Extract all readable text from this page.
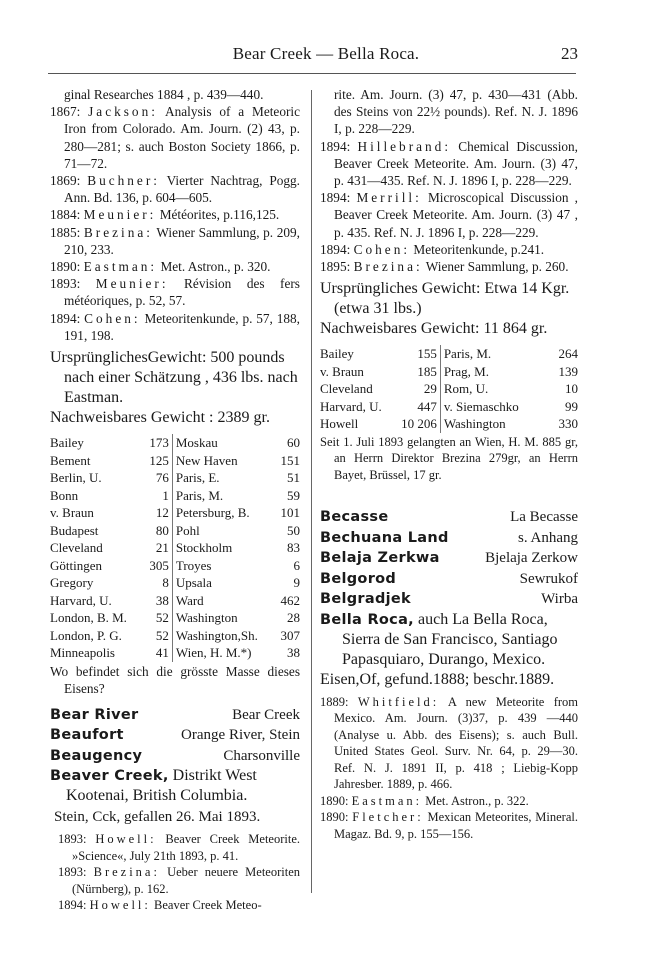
Bear Creek — Bella Roca.	23

ginal Researches 1884 , p. 439—440.

1867: Jackson: Analysis of a Meteoric Iron from Colorado. Am. Journ. (2) 43, p. 280—281; s. auch Boston Society 1866, p. 71—72.

1869: Buchner: Vierter Nachtrag, Pogg. Ann. Bd. 136, p. 604—605.

1884: Meunier: Météorites, p.116,125.

1885: Brezina: Wiener Sammlung, p. 209, 210, 233.

1890: Eastman: Met. Astron., p. 320.

1893: Meunier: Révision des fers météoriques, p. 52, 57.

1894: Cohen: Meteoritenkunde, p. 57, 188, 191, 198.

UrsprünglichesGewicht: 500 pounds nach einer Schätzung , 436 lbs. nach Eastman.

Nachweisbares Gewicht : 2389 gr.

Bailey	173	Moskau	60
Bement	125	New Haven	151
Berlin, U.	76	Paris, E.	51
Bonn	1	Paris, M.	59
v. Braun	12	Petersburg, B.	101
Budapest	80	Pohl	50
Cleveland	21	Stockholm	83
Göttingen	305	Troyes	6
Gregory	8	Upsala	9
Harvard, U.	38	Ward	462
London, B. M.	52	Washington	28
London, P. G.	52	Washington,Sh.	307
Minneapolis	41	Wien, H. M.*)	38

Wo befindet sich die grösste Masse dieses Eisens?

Bear River	Bear Creek
Beaufort	Orange River, Stein
Beaugency	Charsonville
Beaver Creek, Distrikt West Kootenai, British Columbia.

Stein, Cck, gefallen 26. Mai 1893.

1893: Howell: Beaver Creek Meteorite. »Science«, July 21th 1893, p. 41.

1893: Brezina: Ueber neuere Meteoriten (Nürnberg), p. 162.

1894: Howell: Beaver Creek Meteo-

rite. Am. Journ. (3) 47, p. 430—431 (Abb. des Steins von 22½ pounds). Ref. N. J. 1896 I, p. 228—229.

1894: Hillebrand: Chemical Discussion, Beaver Creek Meteorite. Am. Journ. (3) 47, p. 431—435. Ref. N. J. 1896 I, p. 228—229.

1894: Merrill: Microscopical Discussion , Beaver Creek Meteorite. Am. Journ. (3) 47 , p. 435. Ref. N. J. 1896 I, p. 228—229.

1894: Cohen: Meteoritenkunde, p.241.

1895: Brezina: Wiener Sammlung, p. 260.

Ursprüngliches Gewicht: Etwa 14 Kgr. (etwa 31 lbs.)

Nachweisbares Gewicht: 11 864 gr.

Bailey	155	Paris, M.	264
v. Braun	185	Prag, M.	139
Cleveland	29	Rom, U.	10
Harvard, U.	447	v. Siemaschko	99
Howell	10 206	Washington	330

Seit 1. Juli 1893 gelangten an Wien, H. M. 885 gr, an Herrn Direktor Brezina 279gr, an Herrn Bayet, Brüssel, 17 gr.

Becasse	La Becasse
Bechuana Land	s. Anhang
Belaja Zerkwa	Bjelaja Zerkow
Belgorod	Sewrukof
Belgradjek	Wirba
Bella Roca, auch La Bella Roca, Sierra de San Francisco, Santiago Papasquiaro, Durango, Mexico.

Eisen,Of, gefund.1888; beschr.1889.

1889: Whitfield: A new Meteorite from Mexico. Am. Journ. (3)37, p. 439 —440 (Analyse u. Abb. des Eisens); s. auch Bull. United States Geol. Surv. Nr. 64, p. 29—30. Ref. N. J. 1891 II, p. 418 ; Liebig-Kopp Jahresber. 1889, p. 466.

1890: Eastman: Met. Astron., p. 322.

1890: Fletcher: Mexican Meteorites, Mineral. Magaz. Bd. 9, p. 155—156.
